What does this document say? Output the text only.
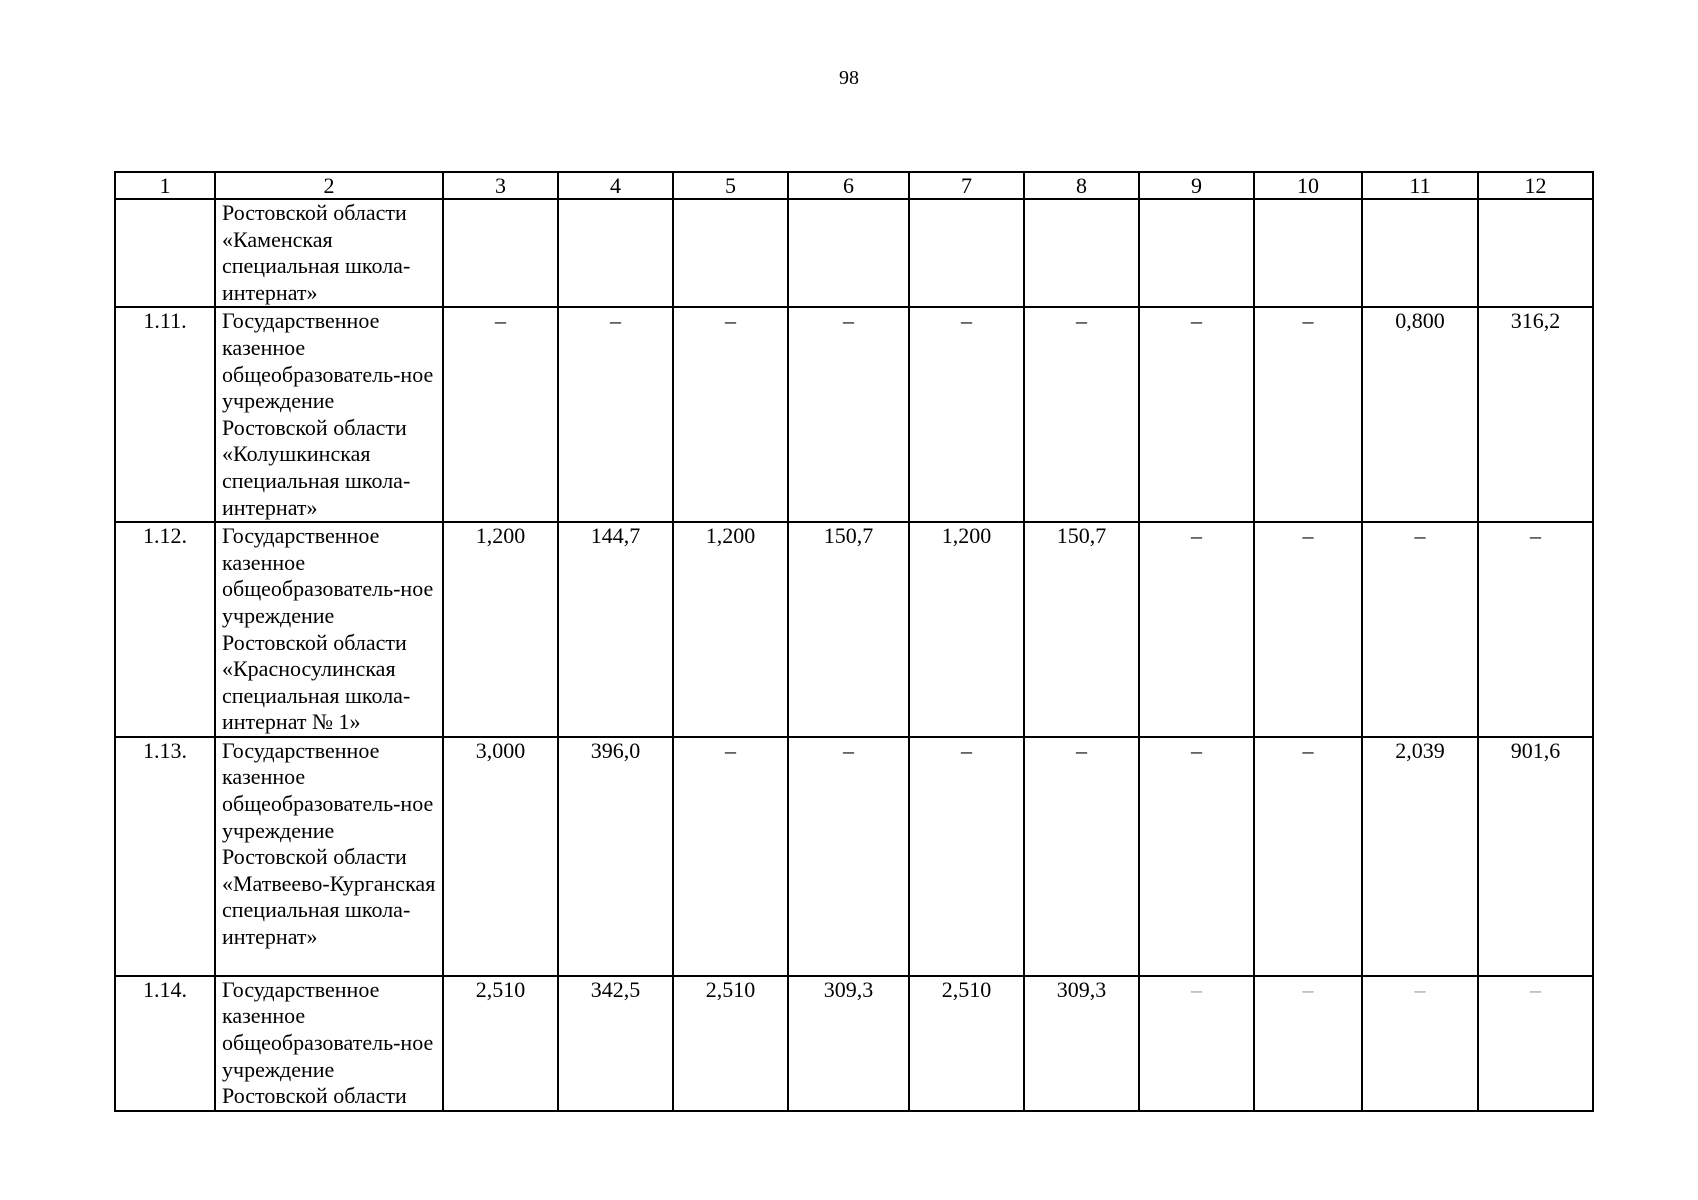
98
1	2	3	4	5	6	7	8	9	10	11	12
	Ростовской области «Каменская специальная школа-интернат»										
1.11.	Государственное казенное общеобразователь-ное учреждение Ростовской области «Колушкинская специальная школа-интернат»	–	–	–	–	–	–	–	–	0,800	316,2
1.12.	Государственное казенное общеобразователь-ное учреждение Ростовской области «Красносулинская специальная школа-интернат № 1»	1,200	144,7	1,200	150,7	1,200	150,7	–	–	–	–
1.13.	Государственное казенное общеобразователь-ное учреждение Ростовской области «Матвеево-Курганская специальная школа-интернат»	3,000	396,0	–	–	–	–	–	–	2,039	901,6
1.14.	Государственное казенное общеобразователь-ное учреждение Ростовской области	2,510	342,5	2,510	309,3	2,510	309,3	–	–	–	–
